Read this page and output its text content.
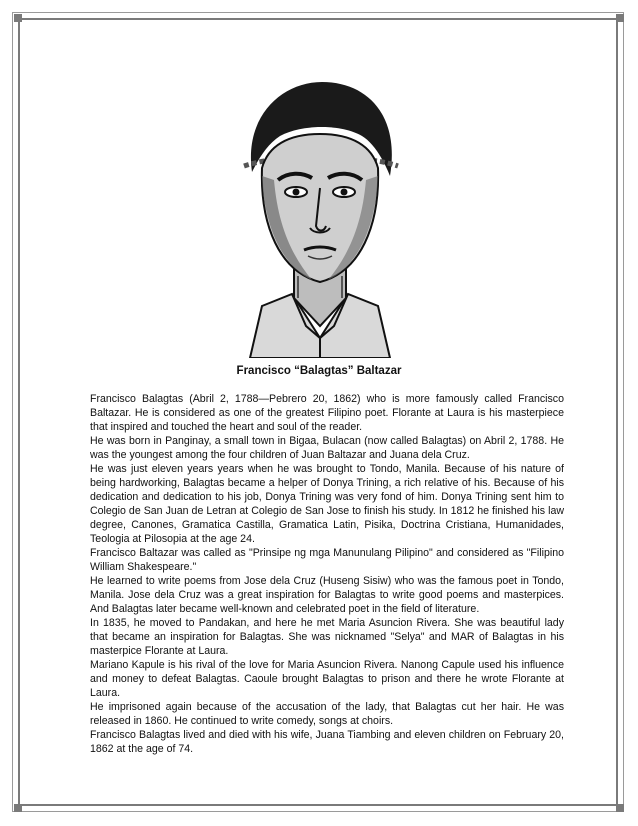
Francisco “Balagtas” Baltazar

Francisco Balagtas (Abril 2, 1788—Pebrero 20, 1862) who is more famously called Francisco Baltazar. He is considered as one of the greatest Filipino poet. Florante at Laura is his masterpiece that inspired and touched the heart and soul of the reader.

He was born in Panginay, a small town in Bigaa, Bulacan (now called Balagtas) on Abril 2, 1788. He was the youngest among the four children of Juan Baltazar and Juana dela Cruz.

He was just eleven years years when he was brought to Tondo, Manila. Because of his nature of being hardworking, Balagtas became a helper of Donya Trining, a rich relative of his. Because of his dedication and dedication to his job, Donya Trining was very fond of him. Donya Trining sent him to Colegio de San Juan de Letran at Colegio de San Jose to finish his study. In 1812 he finished his law degree, Canones, Gramatica Castilla, Gramatica Latin, Pisika, Doctrina Cristiana, Humanidades, Teologia at Pilosopia at the age 24.

Francisco Baltazar was called as "Prinsipe ng mga Manunulang Pilipino" and considered as "Filipino William Shakespeare."

He learned to write poems from Jose dela Cruz (Huseng Sisiw) who was the famous poet in Tondo, Manila. Jose dela Cruz was a great inspiration for Balagtas to write good poems and masterpices. And Balagtas later became well-known and celebrated poet in the field of literature.

In 1835, he moved to Pandakan, and here he met Maria Asuncion Rivera. She was beautiful lady that became an inspiration for Balagtas. She was nicknamed "Selya" and MAR of Balagtas in his masterpice Florante at Laura.

Mariano Kapule is his rival of the love for Maria Asuncion Rivera. Nanong Capule used his influence and money to defeat Balagtas. Caoule brought Balagtas to prison and there he wrote Florante at Laura.

He imprisoned again because of the accusation of the lady, that Balagtas cut her hair. He was released in 1860. He continued to write comedy, songs at choirs.

Francisco Balagtas lived and died with his wife, Juana Tiambing and eleven children on February 20, 1862 at the age of 74.
